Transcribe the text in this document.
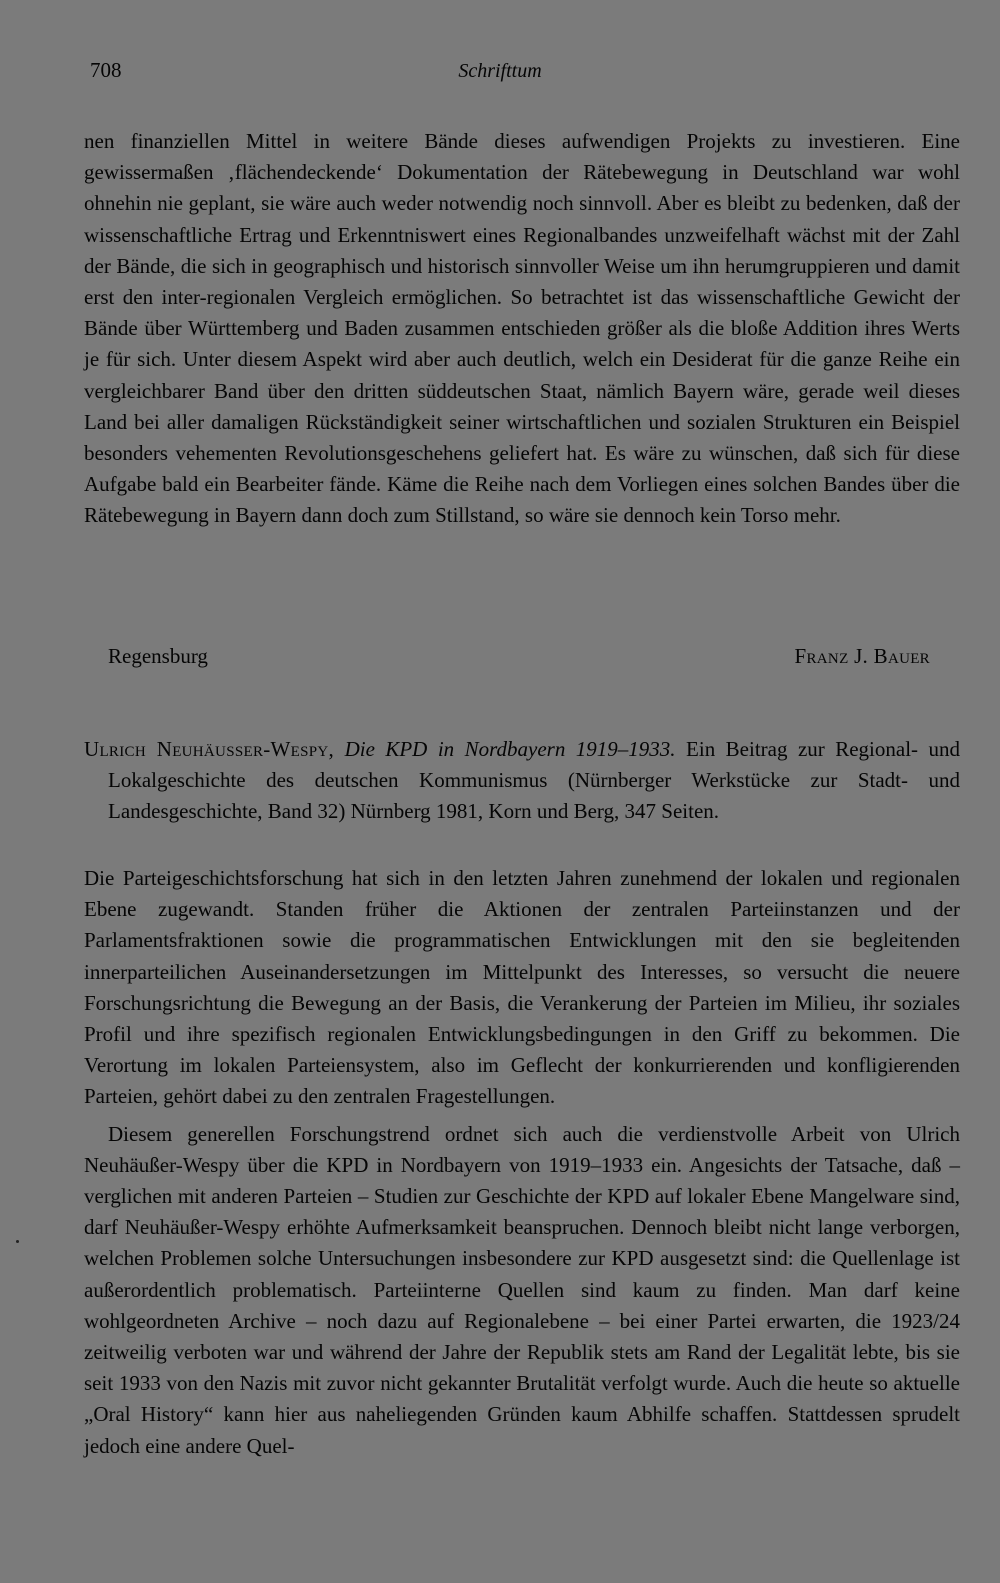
708	Schrifttum

nen finanziellen Mittel in weitere Bände dieses aufwendigen Projekts zu investieren. Eine gewissermaßen ‚flächendeckende‘ Dokumentation der Rätebewegung in Deutschland war wohl ohnehin nie geplant, sie wäre auch weder notwendig noch sinnvoll. Aber es bleibt zu bedenken, daß der wissenschaftliche Ertrag und Erkenntniswert eines Regionalbandes unzweifelhaft wächst mit der Zahl der Bände, die sich in geographisch und historisch sinnvoller Weise um ihn herumgruppieren und damit erst den inter-regionalen Vergleich ermöglichen. So betrachtet ist das wissenschaftliche Gewicht der Bände über Württemberg und Baden zusammen entschieden größer als die bloße Addition ihres Werts je für sich. Unter diesem Aspekt wird aber auch deutlich, welch ein Desiderat für die ganze Reihe ein vergleichbarer Band über den dritten süddeutschen Staat, nämlich Bayern wäre, gerade weil dieses Land bei aller damaligen Rückständigkeit seiner wirtschaftlichen und sozialen Strukturen ein Beispiel besonders vehementen Revolutionsgeschehens geliefert hat. Es wäre zu wünschen, daß sich für diese Aufgabe bald ein Bearbeiter fände. Käme die Reihe nach dem Vorliegen eines solchen Bandes über die Rätebewegung in Bayern dann doch zum Stillstand, so wäre sie dennoch kein Torso mehr.

Regensburg	Franz J. Bauer
Ulrich Neuhäusser-Wespy, Die KPD in Nordbayern 1919–1933. Ein Beitrag zur Regional- und Lokalgeschichte des deutschen Kommunismus (Nürnberger Werkstücke zur Stadt- und Landesgeschichte, Band 32) Nürnberg 1981, Korn und Berg, 347 Seiten.

Die Parteigeschichtsforschung hat sich in den letzten Jahren zunehmend der lokalen und regionalen Ebene zugewandt. Standen früher die Aktionen der zentralen Parteiinstanzen und der Parlamentsfraktionen sowie die programmatischen Entwicklungen mit den sie begleitenden innerparteilichen Auseinandersetzungen im Mittelpunkt des Interesses, so versucht die neuere Forschungsrichtung die Bewegung an der Basis, die Verankerung der Parteien im Milieu, ihr soziales Profil und ihre spezifisch regionalen Entwicklungsbedingungen in den Griff zu bekommen. Die Verortung im lokalen Parteiensystem, also im Geflecht der konkurrierenden und konfligierenden Parteien, gehört dabei zu den zentralen Fragestellungen.

Diesem generellen Forschungstrend ordnet sich auch die verdienstvolle Arbeit von Ulrich Neuhäußer-Wespy über die KPD in Nordbayern von 1919–1933 ein. Angesichts der Tatsache, daß – verglichen mit anderen Parteien – Studien zur Geschichte der KPD auf lokaler Ebene Mangelware sind, darf Neuhäußer-Wespy erhöhte Aufmerksamkeit beanspruchen. Dennoch bleibt nicht lange verborgen, welchen Problemen solche Untersuchungen insbesondere zur KPD ausgesetzt sind: die Quellenlage ist außerordentlich problematisch. Parteiinterne Quellen sind kaum zu finden. Man darf keine wohlgeordneten Archive – noch dazu auf Regionalebene – bei einer Partei erwarten, die 1923/24 zeitweilig verboten war und während der Jahre der Republik stets am Rand der Legalität lebte, bis sie seit 1933 von den Nazis mit zuvor nicht gekannter Brutalität verfolgt wurde. Auch die heute so aktuelle „Oral History“ kann hier aus naheliegenden Gründen kaum Abhilfe schaffen. Stattdessen sprudelt jedoch eine andere Quel-
